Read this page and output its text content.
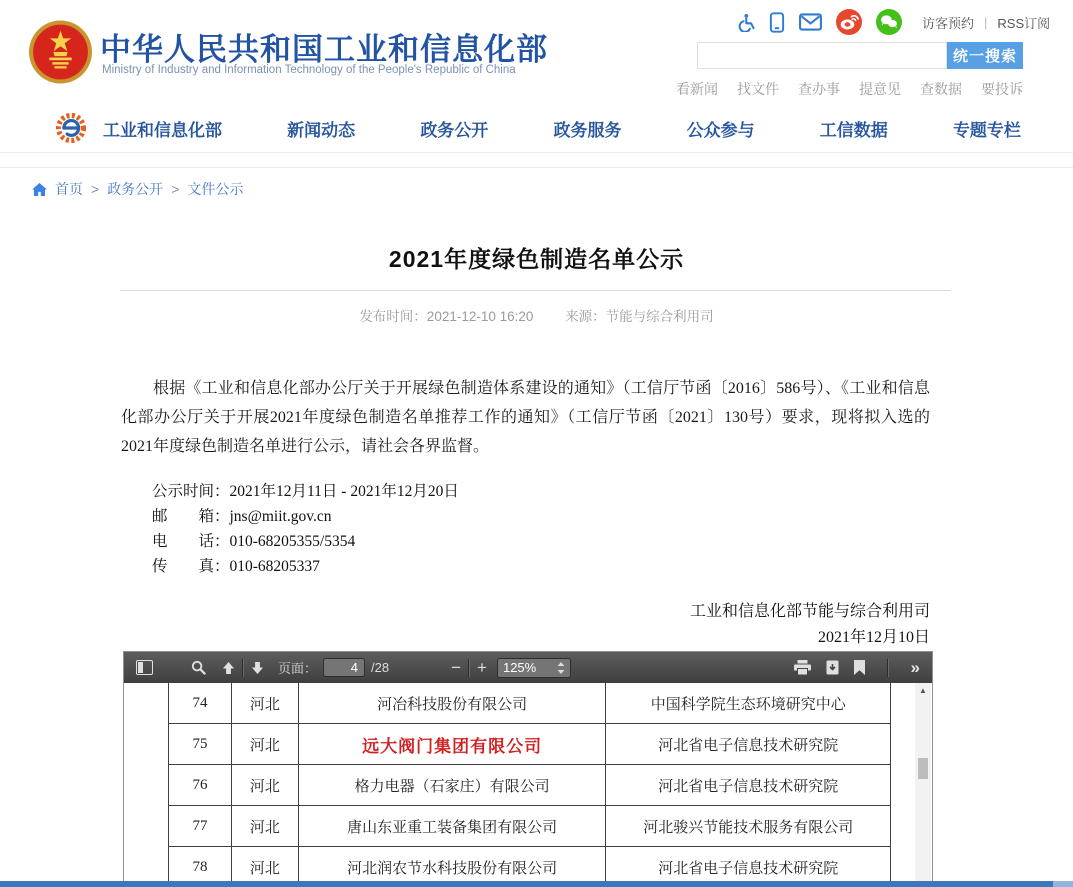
中华人民共和国工业和信息化部
Ministry of Industry and Information Technology of the People's Republic of China
访客预约 | RSS订阅
统一搜索
看新闻 找文件 查办事 提意见 查数据 要投诉
工业和信息化部	新闻动态	政务公开	政务服务	公众参与	工信数据	专题专栏
首页 > 政务公开 > 文件公示
2021年度绿色制造名单公示
发布时间：2021-12-10 16:20 来源：节能与综合利用司

根据《工业和信息化部办公厅关于开展绿色制造体系建设的通知》（工信厅节函〔2016〕586号）、《工业和信息化部办公厅关于开展2021年度绿色制造名单推荐工作的通知》（工信厅节函〔2021〕130号）要求，现将拟入选的2021年度绿色制造名单进行公示，请社会各界监督。

公示时间：2021年12月11日 - 2021年12月20日
邮　　箱：jns@miit.gov.cn
电　　话：010-68205355/5354
传　　真：010-68205337
工业和信息化部节能与综合利用司
2021年12月10日
页面：
4	/28	− + 125%	»
74	河北	河冶科技股份有限公司	中国科学院生态环境研究中心
75	河北	远大阀门集团有限公司	河北省电子信息技术研究院
76	河北	格力电器（石家庄）有限公司	河北省电子信息技术研究院
77	河北	唐山东亚重工装备集团有限公司	河北骏兴节能技术服务有限公司
78	河北	河北润农节水科技股份有限公司	河北省电子信息技术研究院
▲
